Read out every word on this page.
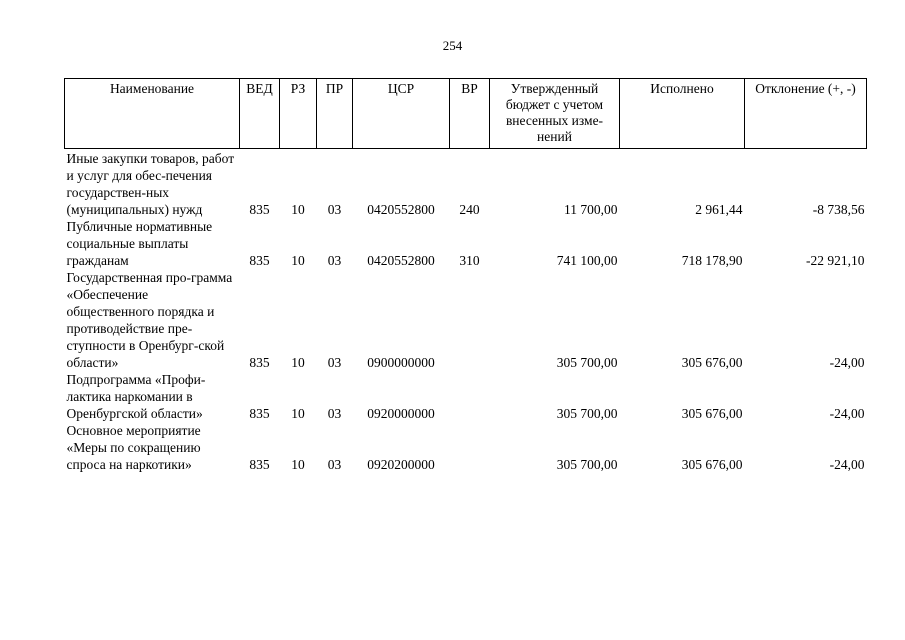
254
Наименование	ВЕД	РЗ	ПР	ЦСР	ВР	Утвержденный бюджет с учетом внесенных изме-нений	Исполнено	Отклонение (+, -)
Иные закупки товаров, работ и услуг для обес-печения государствен-ных (муниципальных) нужд	835	10	03	0420552800	240	11 700,00	2 961,44	-8 738,56
Публичные нормативные социальные выплаты гражданам	835	10	03	0420552800	310	741 100,00	718 178,90	-22 921,10
Государственная про-грамма «Обеспечение общественного порядка и противодействие пре-ступности в Оренбург-ской области»	835	10	03	0900000000		305 700,00	305 676,00	-24,00
Подпрограмма «Профи-лактика наркомании в Оренбургской области»	835	10	03	0920000000		305 700,00	305 676,00	-24,00
Основное мероприятие «Меры по сокращению спроса на наркотики»	835	10	03	0920200000		305 700,00	305 676,00	-24,00
